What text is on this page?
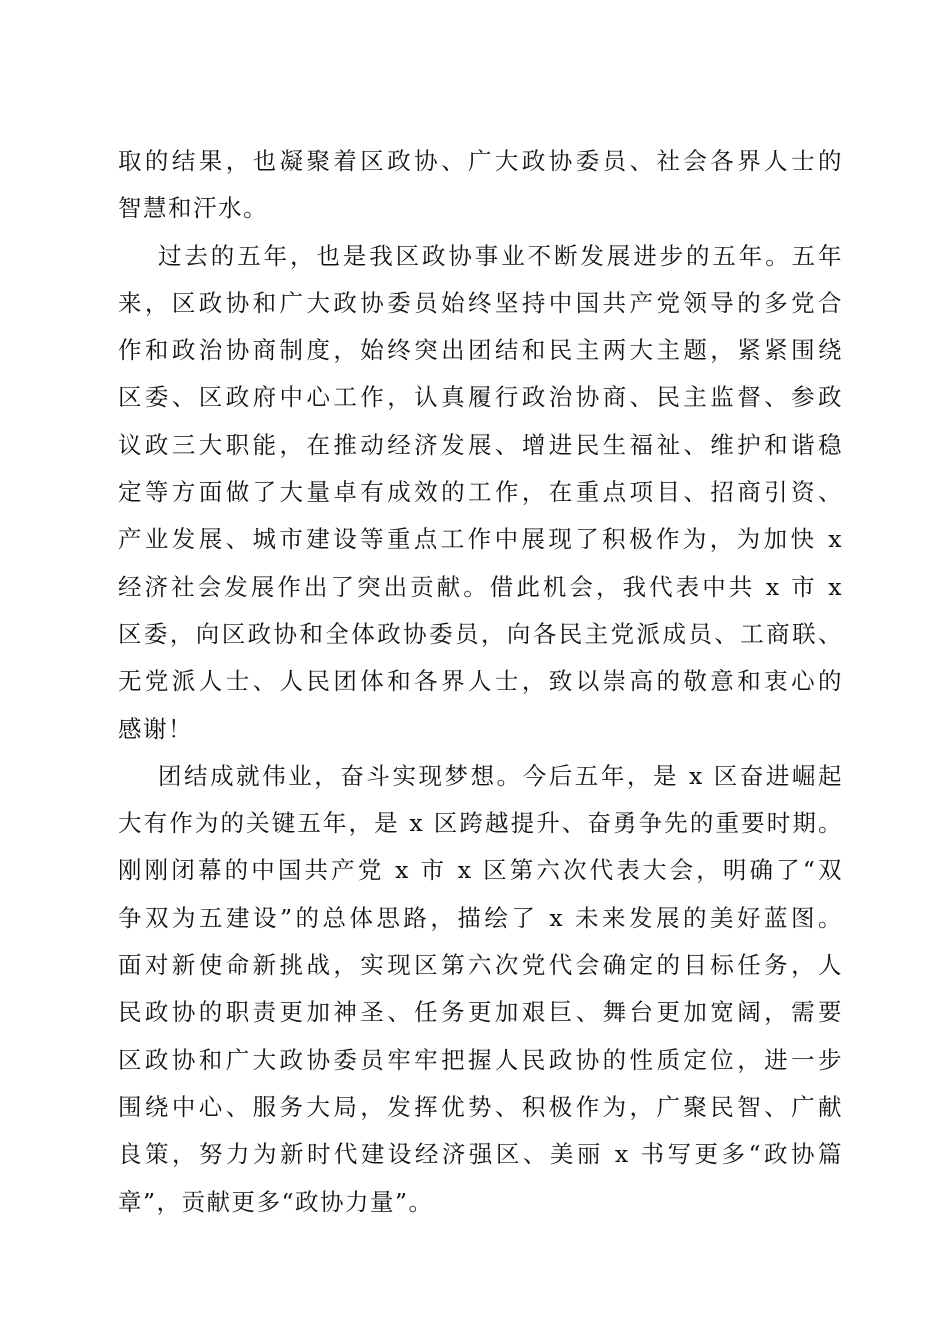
取的结果，也凝聚着区政协、广大政协委员、社会各界人士的
智慧和汗水。
过去的五年，也是我区政协事业不断发展进步的五年。五年
来，区政协和广大政协委员始终坚持中国共产党领导的多党合
作和政治协商制度，始终突出团结和民主两大主题，紧紧围绕
区委、区政府中心工作，认真履行政治协商、民主监督、参政
议政三大职能，在推动经济发展、增进民生福祉、维护和谐稳
定等方面做了大量卓有成效的工作，在重点项目、招商引资、
产业发展、城市建设等重点工作中展现了积极作为，为加快 x
经济社会发展作出了突出贡献。借此机会，我代表中共 x 市 x
区委，向区政协和全体政协委员，向各民主党派成员、工商联、
无党派人士、人民团体和各界人士，致以崇高的敬意和衷心的
感谢！
团结成就伟业，奋斗实现梦想。今后五年，是 x 区奋进崛起
大有作为的关键五年，是 x 区跨越提升、奋勇争先的重要时期。
刚刚闭幕的中国共产党 x 市 x 区第六次代表大会，明确了“双
争双为五建设”的总体思路，描绘了 x 未来发展的美好蓝图。
面对新使命新挑战，实现区第六次党代会确定的目标任务，人
民政协的职责更加神圣、任务更加艰巨、舞台更加宽阔，需要
区政协和广大政协委员牢牢把握人民政协的性质定位，进一步
围绕中心、服务大局，发挥优势、积极作为，广聚民智、广献
良策，努力为新时代建设经济强区、美丽 x 书写更多“政协篇
章”，贡献更多“政协力量”。
